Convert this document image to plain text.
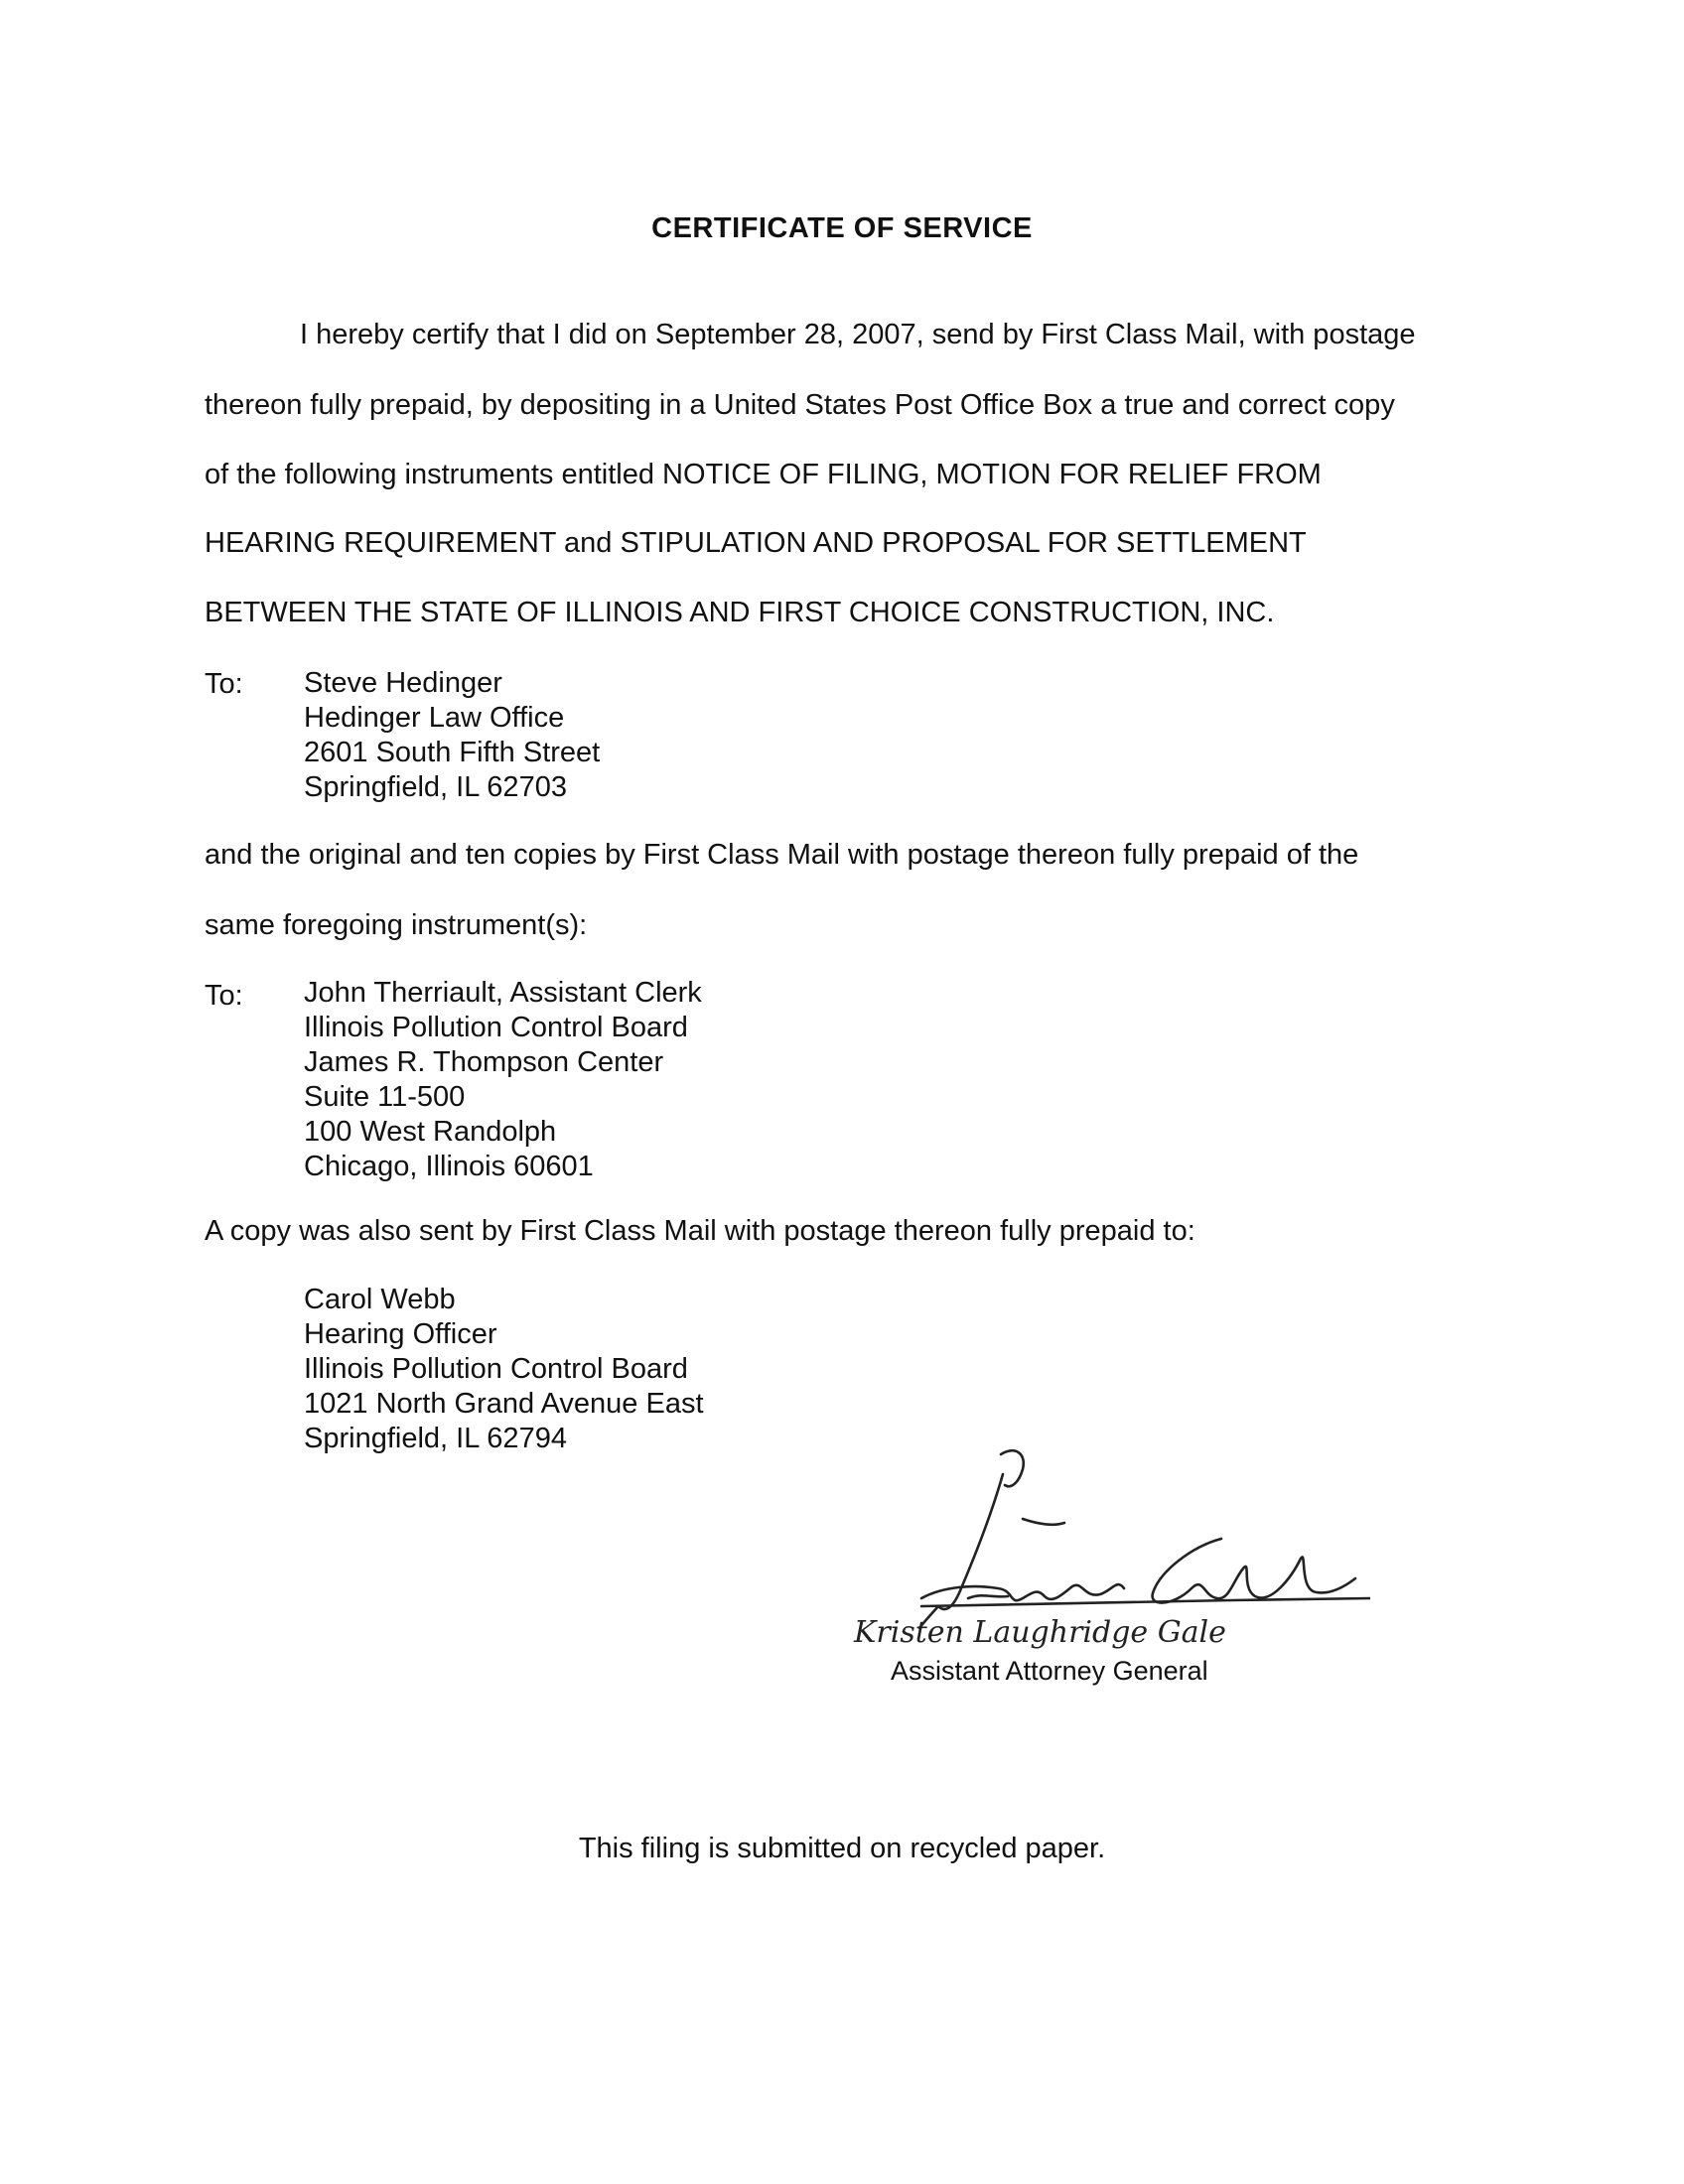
CERTIFICATE OF SERVICE
I hereby certify that I did on September 28, 2007, send by First Class Mail, with postage
thereon fully prepaid, by depositing in a United States Post Office Box a true and correct copy
of the following instruments entitled NOTICE OF FILING, MOTION FOR RELIEF FROM
HEARING REQUIREMENT and STIPULATION AND PROPOSAL FOR SETTLEMENT
BETWEEN THE STATE OF ILLINOIS AND FIRST CHOICE CONSTRUCTION, INC.
To: Steve Hedinger
Hedinger Law Office
2601 South Fifth Street
Springfield, IL 62703
and the original and ten copies by First Class Mail with postage thereon fully prepaid of the
same foregoing instrument(s):
To: John Therriault, Assistant Clerk
Illinois Pollution Control Board
James R. Thompson Center
Suite 11-500
100 West Randolph
Chicago, Illinois 60601
A copy was also sent by First Class Mail with postage thereon fully prepaid to:
Carol Webb
Hearing Officer
Illinois Pollution Control Board
1021 North Grand Avenue East
Springfield, IL 62794
Kristen Laughridge Gale
Assistant Attorney General
This filing is submitted on recycled paper.
